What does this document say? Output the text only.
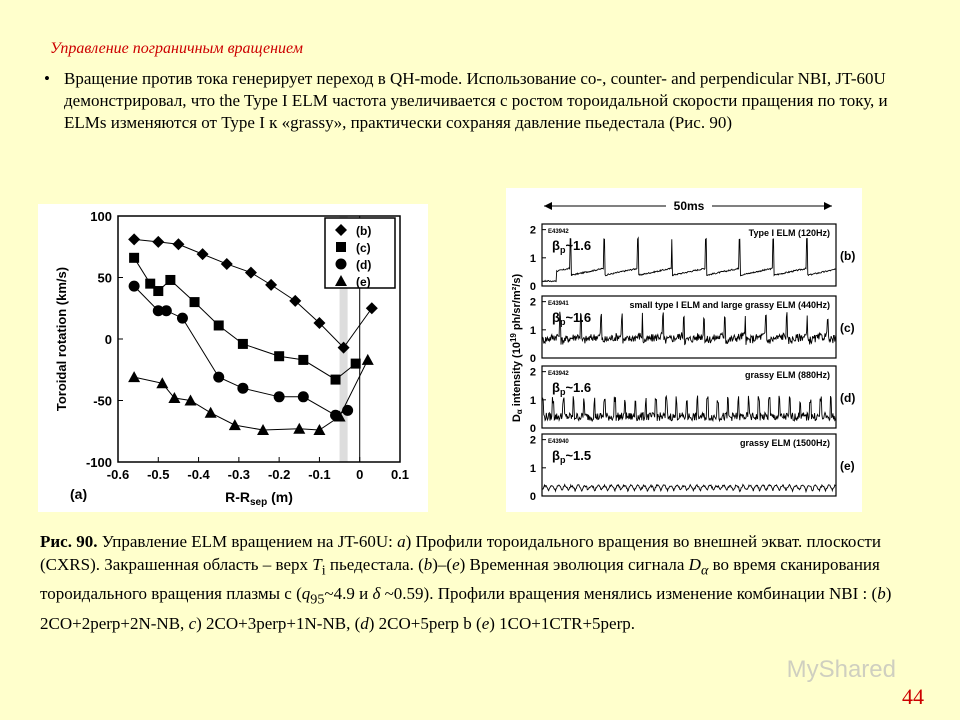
Управление пограничным вращением
• Вращение против тока генерирует переход в QH-mode. Использование co-, counter- and perpendicular NBI, JT-60U демонстрировал, что the Type I ELM частота увеличивается с ростом тороидальной скорости пращения по току, и ELMs изменяются от Type I к «grassy», практически сохраняя давление пьедестала (Рис. 90)
-0.6 -0.5 -0.4 -0.3 -0.2 -0.1 0 0.1
100
50
0
-50
-100
$R-R_{sep}$ (m)
Toroidal rotation (km/s)
(a)
(b)
(c)
(d)
(e)
50ms
Dα intensity ($10^{19}$ ph/sr/m²/s)
2
1
0
E43942
$\beta_p\sim 1.6$
Type I ELM (120Hz)
(b)
2
1
0
E43941
$\beta_p\sim 1.6$
small type I ELM and large grassy ELM (440Hz)
(c)
2
1
0
E43942
$\beta_p\sim 1.6$
grassy ELM (880Hz)
(d)
2
1
0
E43940
$\beta_p\sim 1.5$
grassy ELM (1500Hz)
(e)
Рис. 90. Управление ELM вращением на JT-60U: a) Профили тороидального вращения во внешней экват. плоскости (CXRS). Закрашенная область – верх $T_i$ пьедестала. (b)–(e) Временная эволюция сигнала $D_\alpha$ во время сканирования тороидального вращения плазмы с ($q_{95}\sim 4.9$ и δ ~0.59). Профили вращения менялись изменение комбинации NBI : (b) 2CO+2perp+2N-NB, c) 2CO+3perp+1N-NB, (d) 2CO+5perp b (e) 1CO+1CTR+5perp.
MyShared
44
